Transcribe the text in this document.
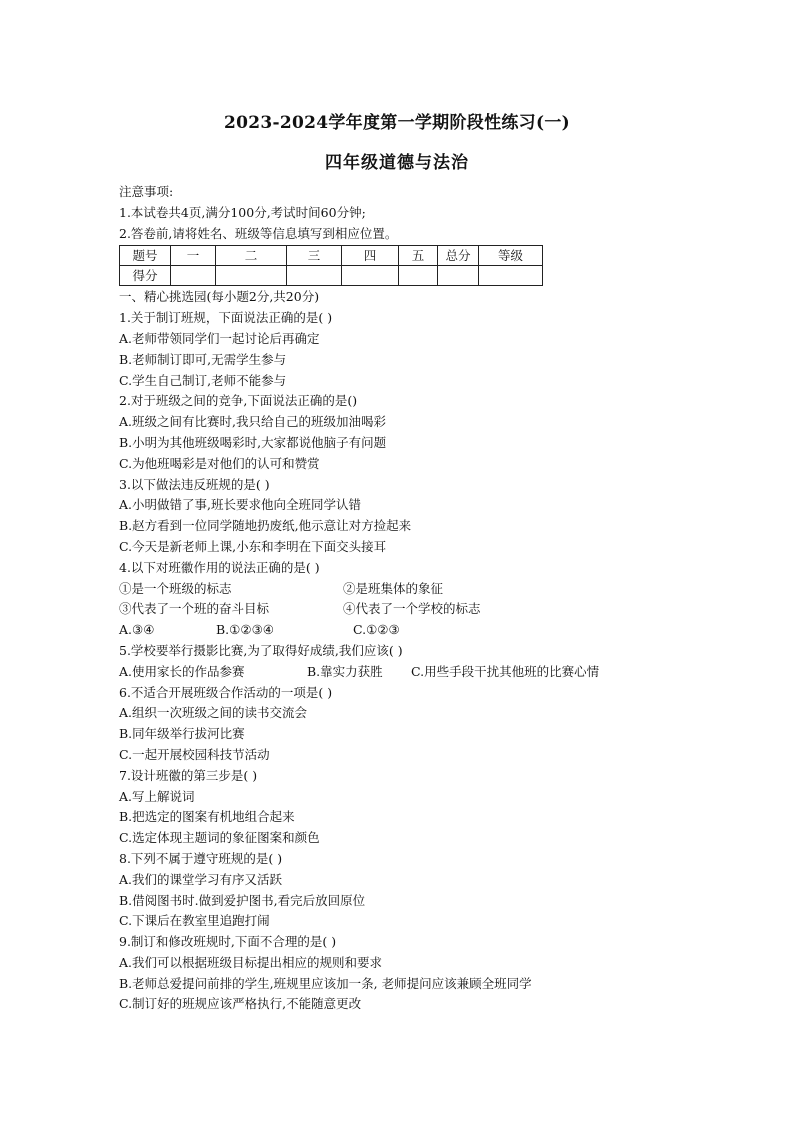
2023-2024学年度第一学期阶段性练习(一)
四年级道德与法治
注意事项:
1.本试卷共4页,满分100分,考试时间60分钟;
2.答卷前,请将姓名、班级等信息填写到相应位置。
题号	一	二	三	四	五	总分	等级
得分							
一、精心挑选园(每小题2分,共20分)
1.关于制订班规，下面说法正确的是( )
A.老师带领同学们一起讨论后再确定
B.老师制订即可,无需学生参与
C.学生自己制订,老师不能参与
2.对于班级之间的竞争,下面说法正确的是()
A.班级之间有比赛时,我只给自己的班级加油喝彩
B.小明为其他班级喝彩时,大家都说他脑子有问题
C.为他班喝彩是对他们的认可和赞赏
3.以下做法违反班规的是( )
A.小明做错了事,班长要求他向全班同学认错
B.赵方看到一位同学随地扔废纸,他示意让对方捡起来
C.今天是新老师上课,小东和李明在下面交头接耳
4.以下对班徽作用的说法正确的是( )
①是一个班级的标志	②是班集体的象征
③代表了一个班的奋斗目标	④代表了一个学校的标志
A.③④	B.①②③④	C.①②③
5.学校要举行摄影比赛,为了取得好成绩,我们应该( )
A.使用家长的作品参赛	B.靠实力获胜 C.用些手段干扰其他班的比赛心情
6.不适合开展班级合作活动的一项是( )
A.组织一次班级之间的读书交流会
B.同年级举行拔河比赛
C.一起开展校园科技节活动
7.设计班徽的第三步是( )
A.写上解说词
B.把选定的图案有机地组合起来
C.选定体现主题词的象征图案和颜色
8.下列不属于遵守班规的是( )
A.我们的课堂学习有序又活跃
B.借阅图书时.做到爱护图书,看完后放回原位
C.下课后在教室里追跑打闹
9.制订和修改班规时,下面不合理的是( )
A.我们可以根据班级目标提出相应的规则和要求
B.老师总爱提问前排的学生,班规里应该加一条, 老师提问应该兼顾全班同学
C.制订好的班规应该严格执行,不能随意更改
